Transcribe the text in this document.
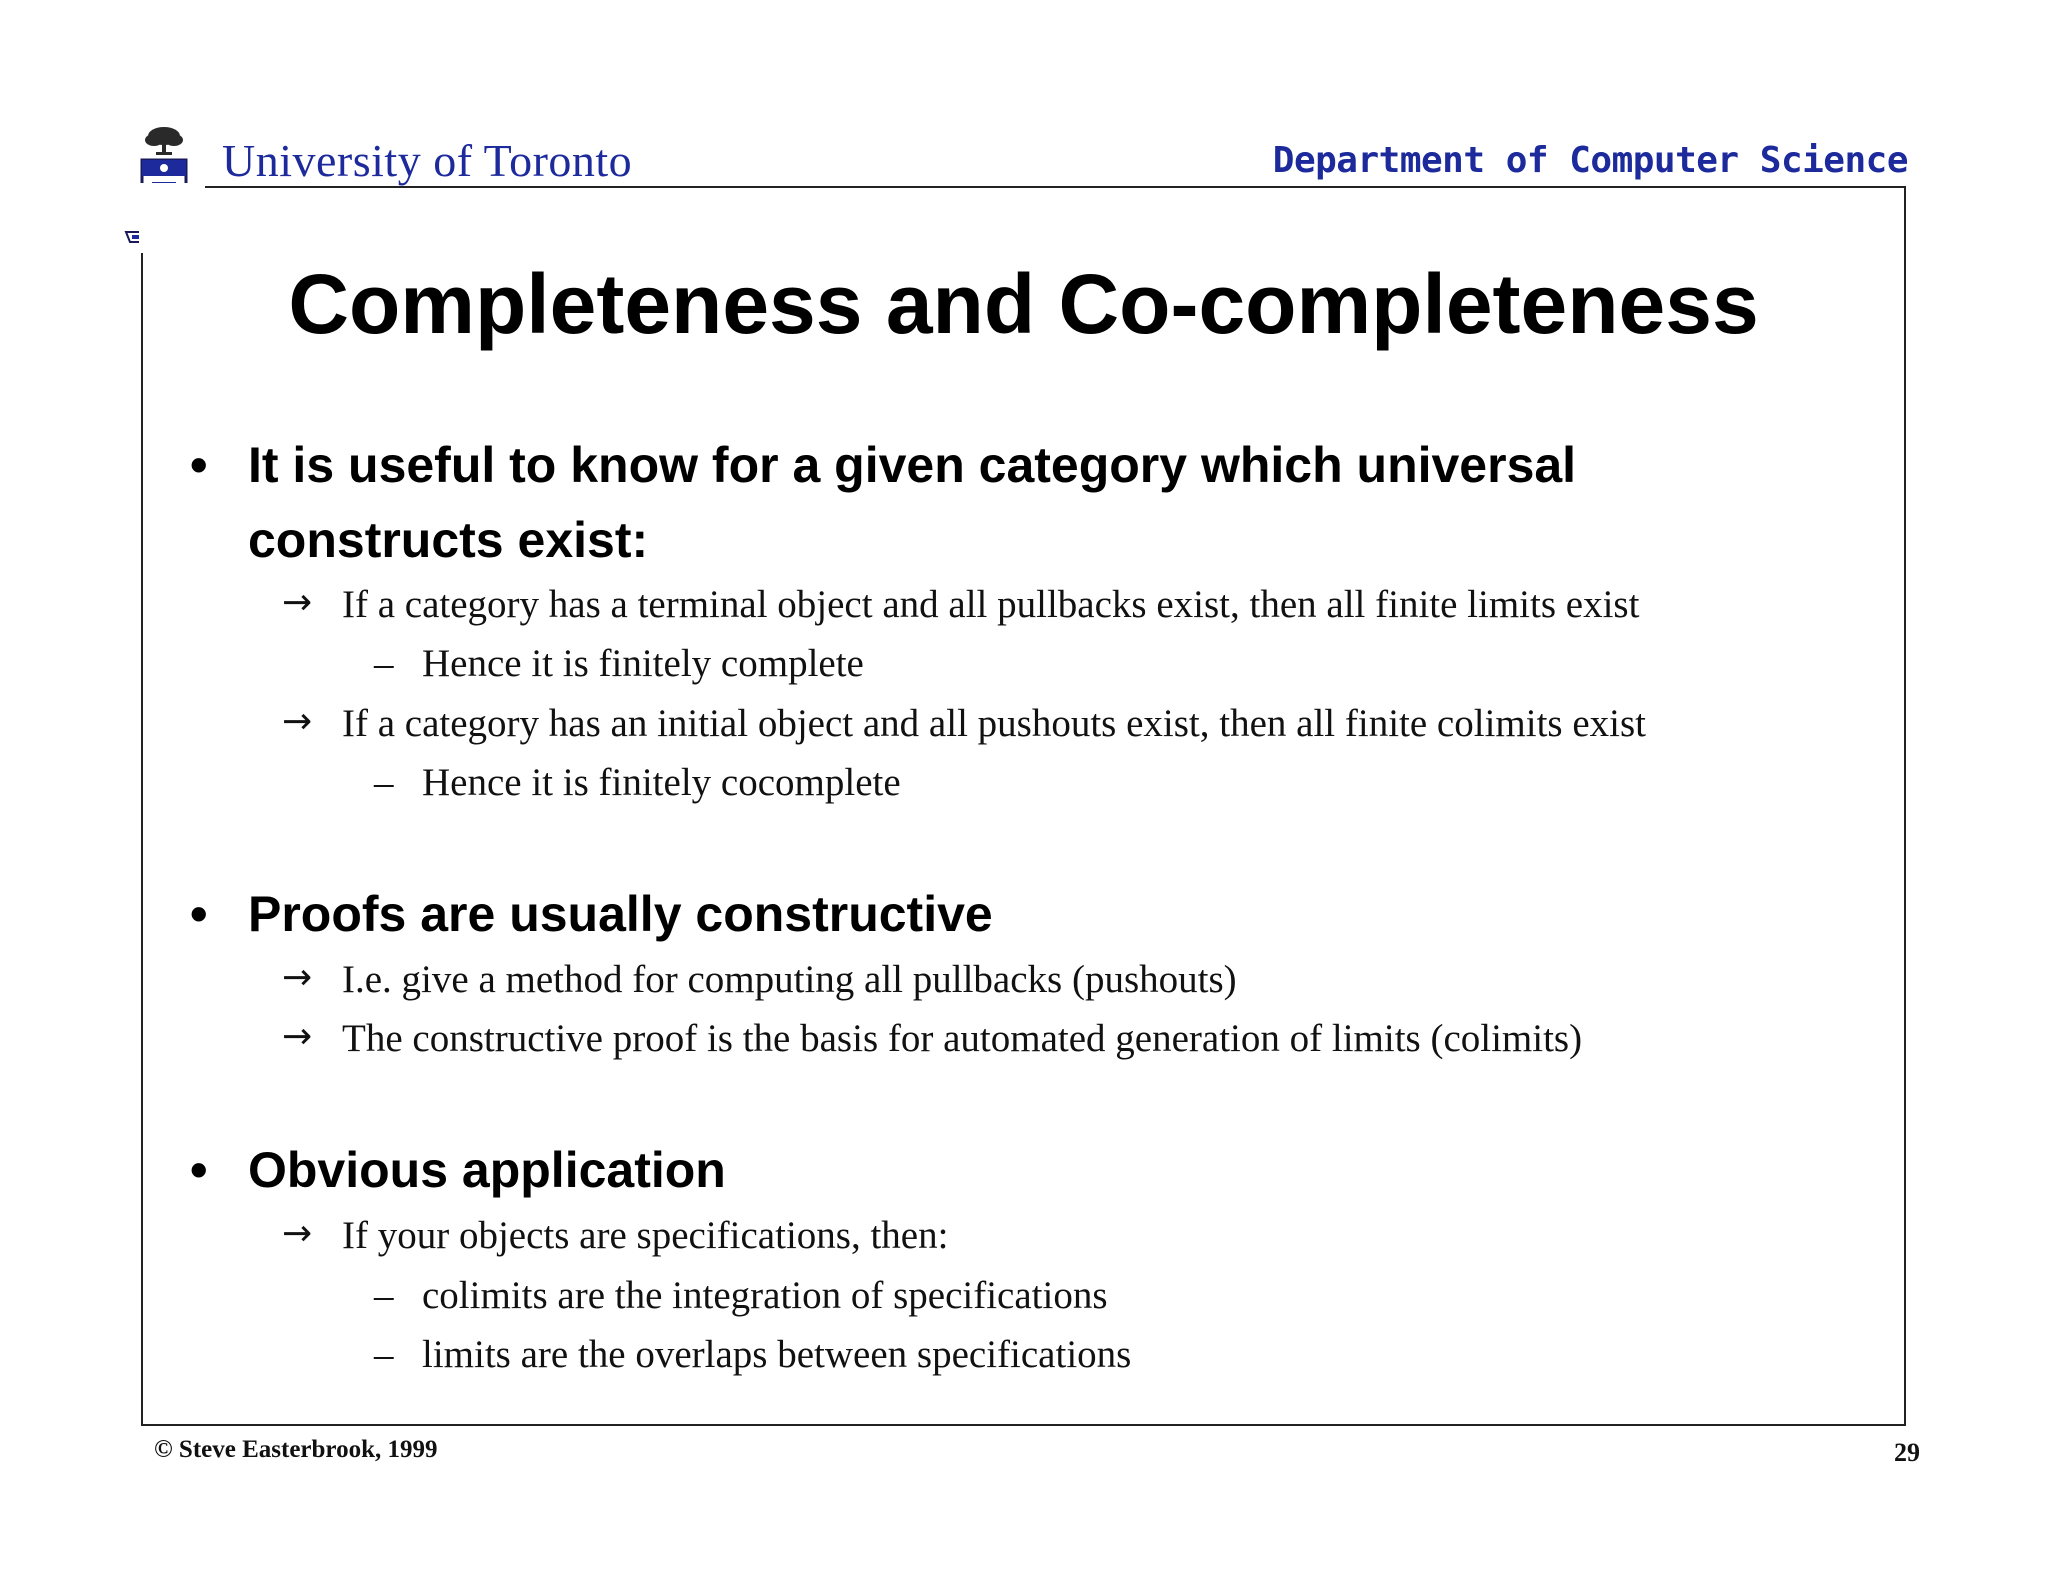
University of Toronto	Department of Computer Science
Completeness and Co-completeness
• It is useful to know for a given category which universal
constructs exist:
→ If a category has a terminal object and all pullbacks exist, then all finite limits exist
– Hence it is finitely complete
→ If a category has an initial object and all pushouts exist, then all finite colimits exist
– Hence it is finitely cocomplete
• Proofs are usually constructive
→ I.e. give a method for computing all pullbacks (pushouts)
→ The constructive proof is the basis for automated generation of limits (colimits)
• Obvious application
→ If your objects are specifications, then:
– colimits are the integration of specifications
– limits are the overlaps between specifications
© Steve Easterbrook, 1999	29
